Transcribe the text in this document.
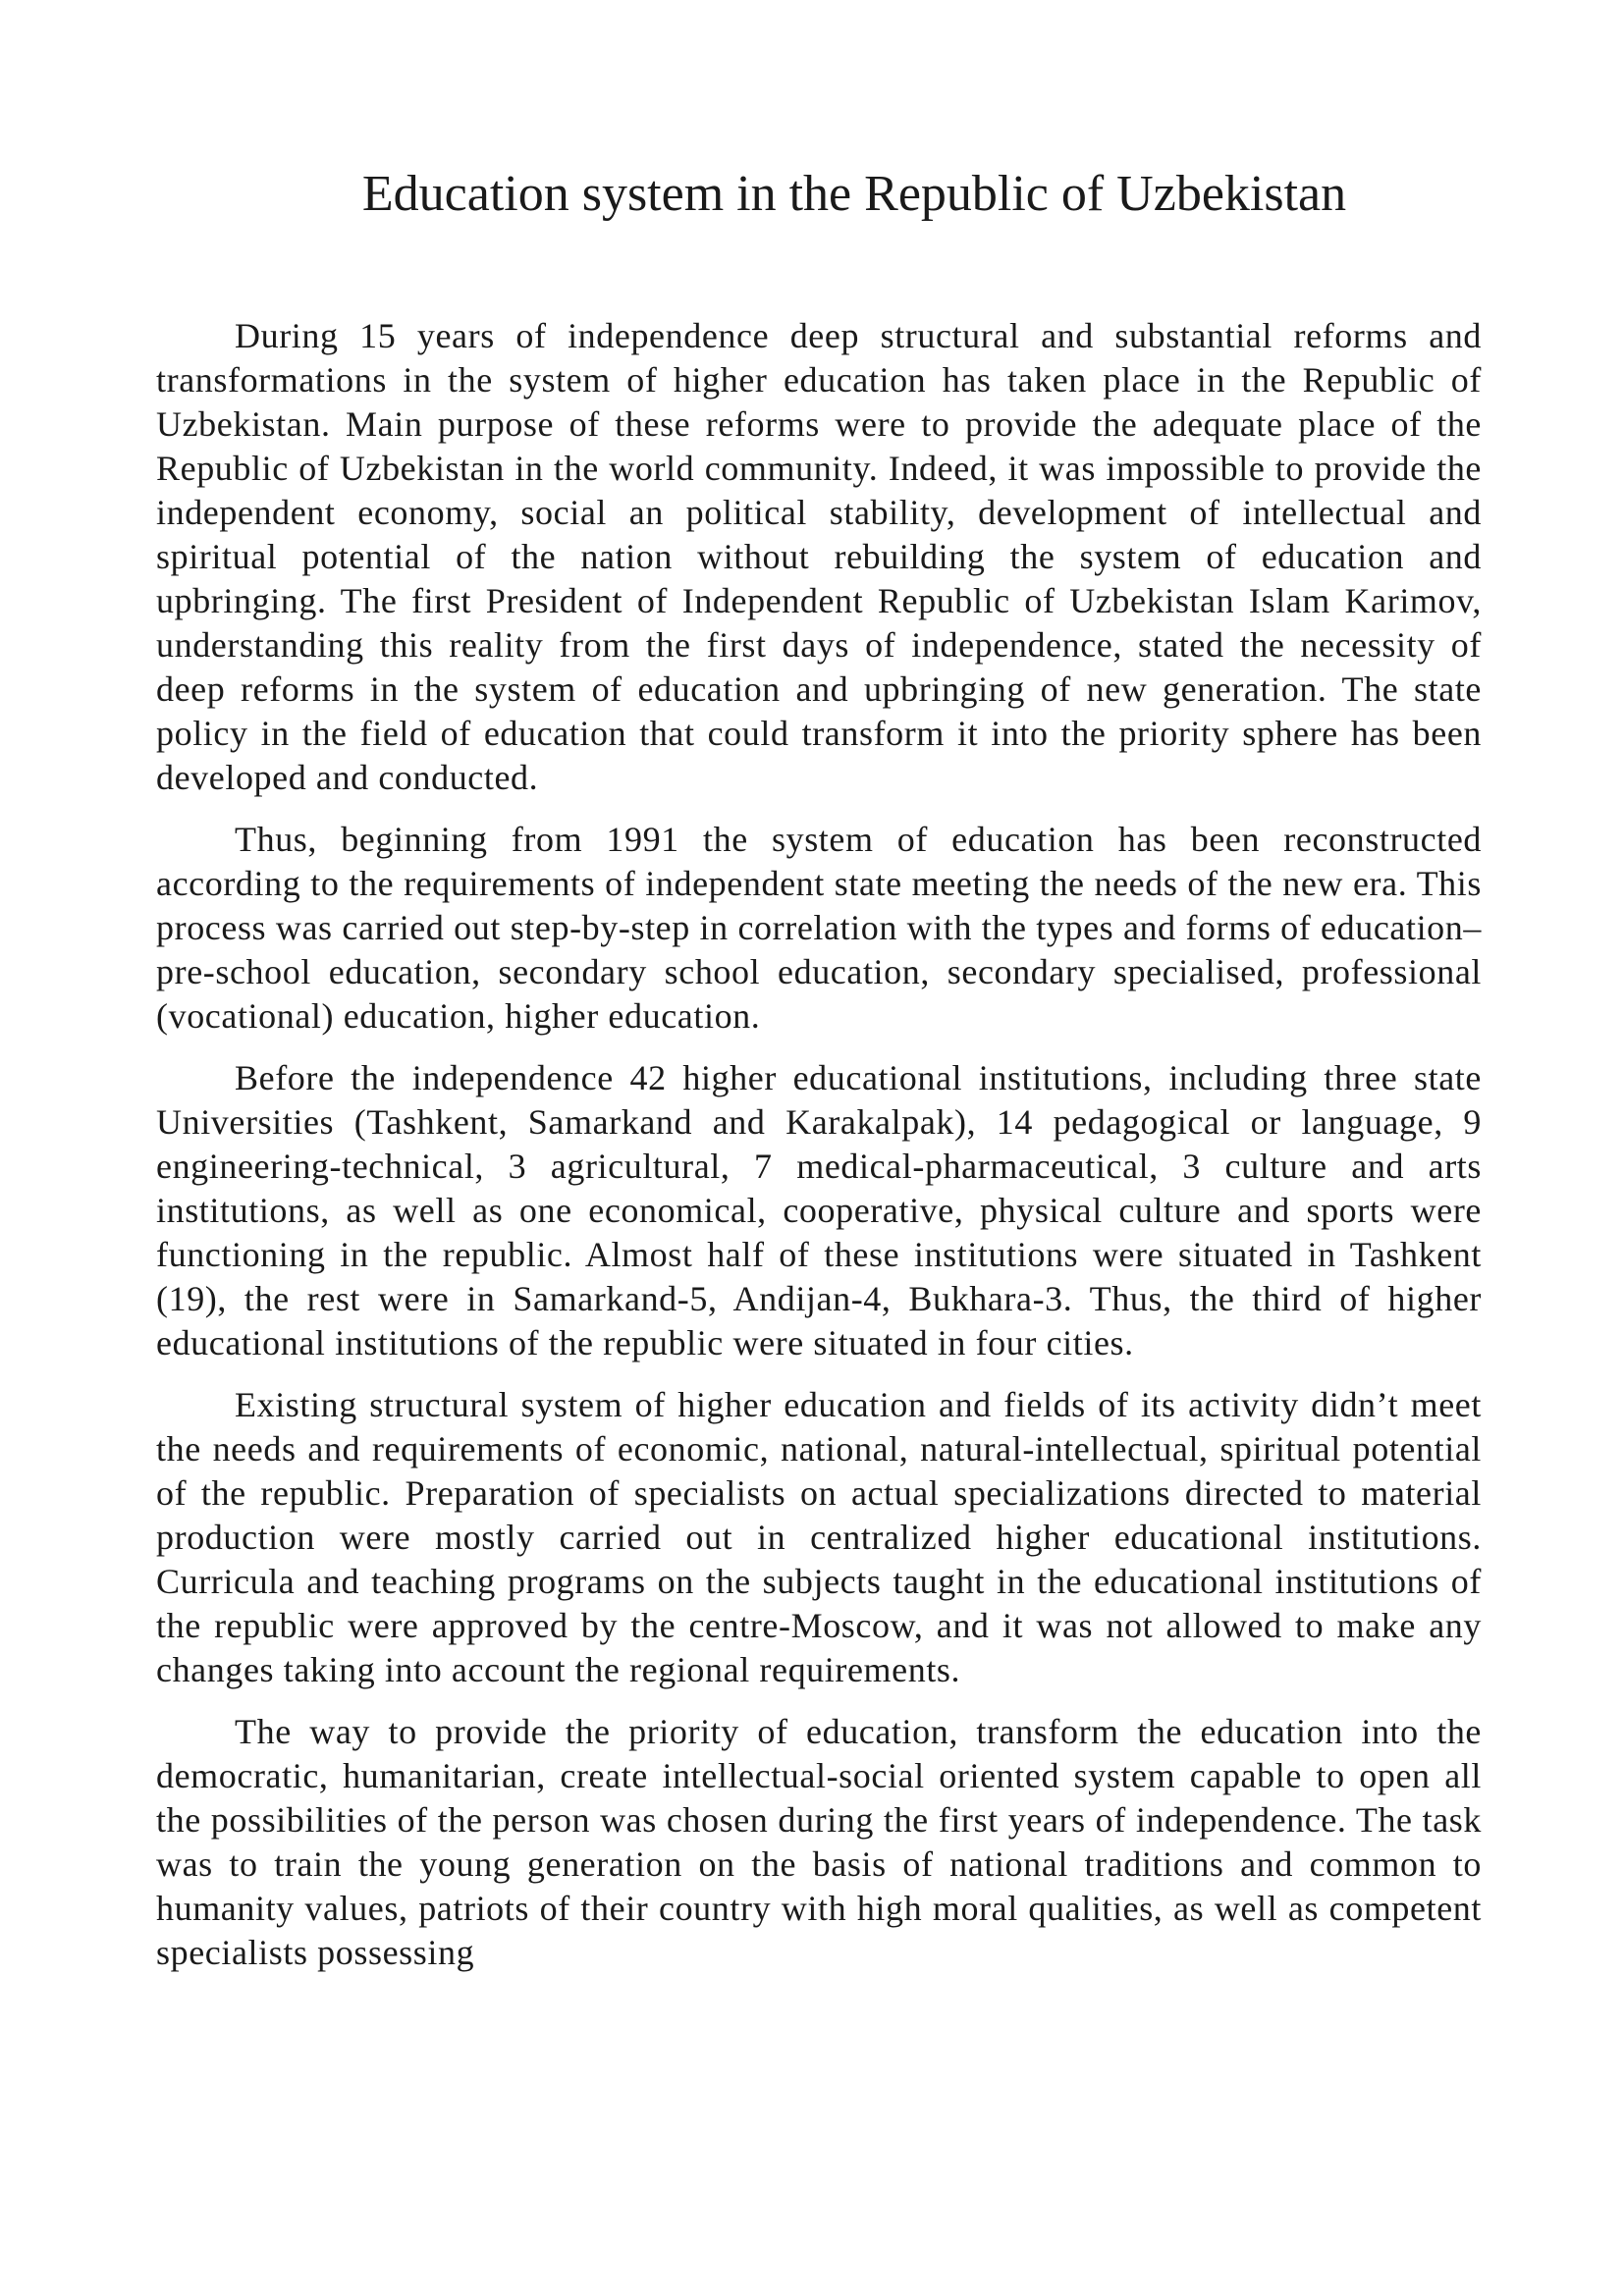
Education system in the Republic of Uzbekistan

During 15 years of independence deep structural and substantial reforms and transformations in the system of higher education has taken place in the Republic of Uzbekistan. Main purpose of these reforms were to provide the adequate place of the Republic of Uzbekistan in the world community. Indeed, it was impossible to provide the independent economy, social an political stability, development of intellectual and spiritual potential of the nation without rebuilding the system of education and upbringing. The first President of Independent Republic of Uzbekistan Islam Karimov, understanding this reality from the first days of independence, stated the necessity of deep reforms in the system of education and upbringing of new generation. The state policy in the field of education that could transform it into the priority sphere has been developed and conducted.

Thus, beginning from 1991 the system of education has been reconstructed according to the requirements of independent state meeting the needs of the new era. This process was carried out step-by-step in correlation with the types and forms of education– pre-school education, secondary school education, secondary specialised, professional (vocational) education, higher education.

Before the independence 42 higher educational institutions, including three state Universities (Tashkent, Samarkand and Karakalpak), 14 pedagogical or language, 9 engineering-technical, 3 agricultural, 7 medical-pharmaceutical, 3 culture and arts institutions, as well as one economical, cooperative, physical culture and sports were functioning in the republic. Almost half of these institutions were situated in Tashkent (19), the rest were in Samarkand-5, Andijan-4, Bukhara-3. Thus, the third of higher educational institutions of the republic were situated in four cities.

Existing structural system of higher education and fields of its activity didn’t meet the needs and requirements of economic, national, natural-intellectual, spiritual potential of the republic. Preparation of specialists on actual specializations directed to material production were mostly carried out in centralized higher educational institutions. Curricula and teaching programs on the subjects taught in the educational institutions of the republic were approved by the centre-Moscow, and it was not allowed to make any changes taking into account the regional requirements.

The way to provide the priority of education, transform the education into the democratic, humanitarian, create intellectual-social oriented system capable to open all the possibilities of the person was chosen during the first years of independence. The task was to train the young generation on the basis of national traditions and common to humanity values, patriots of their country with high moral qualities, as well as competent specialists possessing
